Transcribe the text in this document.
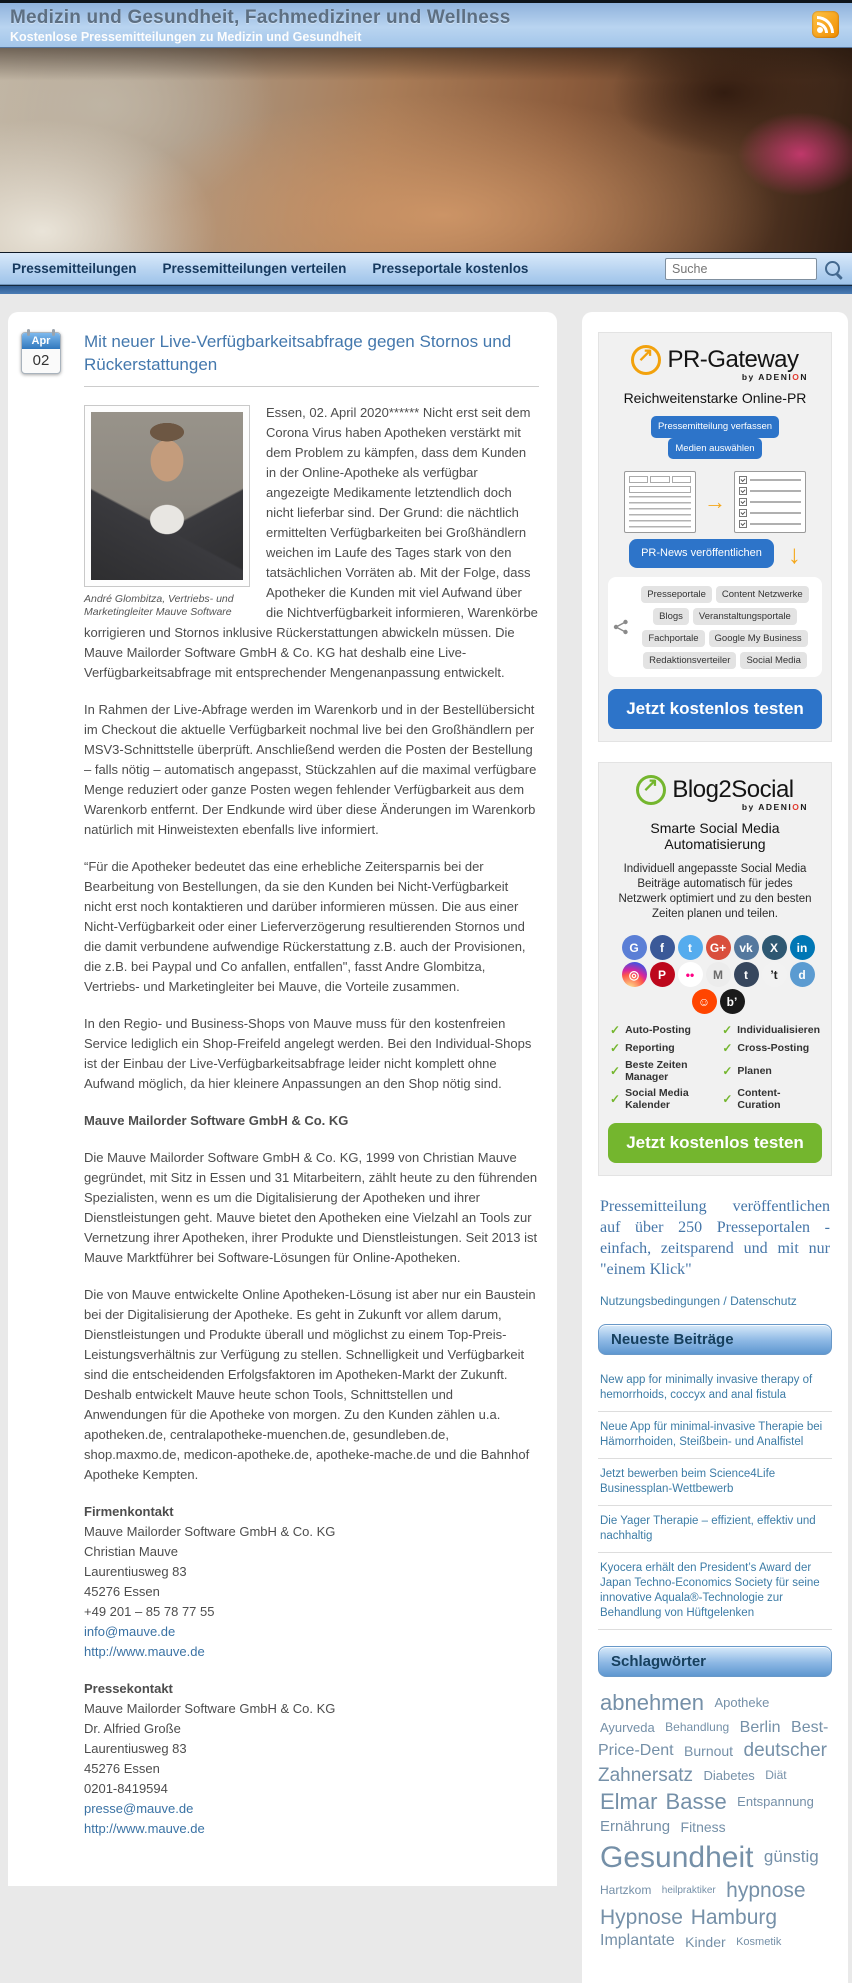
Medizin und Gesundheit, Fachmediziner und Wellness
Kostenlose Pressemitteilungen zu Medizin und Gesundheit
Pressemitteilungen Pressemitteilungen verteilen Presseportale kostenlos
Suche
Apr
02
Mit neuer Live-Verfügbarkeitsabfrage gegen Stornos und Rückerstattungen
André Glombitza, Vertriebs- und Marketingleiter Mauve Software

Essen, 02. April 2020****** Nicht erst seit dem Corona Virus haben Apotheken verstärkt mit dem Problem zu kämpfen, dass dem Kunden in der Online-Apotheke als verfügbar angezeigte Medikamente letztendlich doch nicht lieferbar sind. Der Grund: die nächtlich ermittelten Verfügbarkeiten bei Großhändlern weichen im Laufe des Tages stark von den tatsächlichen Vorräten ab. Mit der Folge, dass Apotheker die Kunden mit viel Aufwand über die Nichtverfügbarkeit informieren, Warenkörbe korrigieren und Stornos inklusive Rückerstattungen abwickeln müssen. Die Mauve Mailorder Software GmbH & Co. KG hat deshalb eine Live-Verfügbarkeitsabfrage mit entsprechender Mengenanpassung entwickelt.

In Rahmen der Live-Abfrage werden im Warenkorb und in der Bestellübersicht im Checkout die aktuelle Verfügbarkeit nochmal live bei den Großhändlern per MSV3-Schnittstelle überprüft. Anschließend werden die Posten der Bestellung – falls nötig – automatisch angepasst, Stückzahlen auf die maximal verfügbare Menge reduziert oder ganze Posten wegen fehlender Verfügbarkeit aus dem Warenkorb entfernt. Der Endkunde wird über diese Änderungen im Warenkorb natürlich mit Hinweistexten ebenfalls live informiert.

“Für die Apotheker bedeutet das eine erhebliche Zeitersparnis bei der Bearbeitung von Bestellungen, da sie den Kunden bei Nicht-Verfügbarkeit nicht erst noch kontaktieren und darüber informieren müssen. Die aus einer Nicht-Verfügbarkeit oder einer Lieferverzögerung resultierenden Stornos und die damit verbundene aufwendige Rückerstattung z.B. auch der Provisionen, die z.B. bei Paypal und Co anfallen, entfallen", fasst Andre Glombitza, Vertriebs- und Marketingleiter bei Mauve, die Vorteile zusammen.

In den Regio- und Business-Shops von Mauve muss für den kostenfreien Service lediglich ein Shop-Freifeld angelegt werden. Bei den Individual-Shops ist der Einbau der Live-Verfügbarkeitsabfrage leider nicht komplett ohne Aufwand möglich, da hier kleinere Anpassungen an den Shop nötig sind.

Mauve Mailorder Software GmbH & Co. KG

Die Mauve Mailorder Software GmbH & Co. KG, 1999 von Christian Mauve gegründet, mit Sitz in Essen und 31 Mitarbeitern, zählt heute zu den führenden Spezialisten, wenn es um die Digitalisierung der Apotheken und ihrer Dienstleistungen geht. Mauve bietet den Apotheken eine Vielzahl an Tools zur Vernetzung ihrer Apotheken, ihrer Produkte und Dienstleistungen. Seit 2013 ist Mauve Marktführer bei Software-Lösungen für Online-Apotheken.

Die von Mauve entwickelte Online Apotheken-Lösung ist aber nur ein Baustein bei der Digitalisierung der Apotheke. Es geht in Zukunft vor allem darum, Dienstleistungen und Produkte überall und möglichst zu einem Top-Preis-Leistungsverhältnis zur Verfügung zu stellen. Schnelligkeit und Verfügbarkeit sind die entscheidenden Erfolgsfaktoren im Apotheken-Markt der Zukunft. Deshalb entwickelt Mauve heute schon Tools, Schnittstellen und Anwendungen für die Apotheke von morgen. Zu den Kunden zählen u.a. apotheken.de, centralapotheke-muenchen.de, gesundleben.de, shop.maxmo.de, medicon-apotheke.de, apotheke-mache.de und die Bahnhof Apotheke Kempten.

Firmenkontakt

Mauve Mailorder Software GmbH & Co. KG

Christian Mauve

Laurentiusweg 83

45276 Essen

+49 201 – 85 78 77 55

info@mauve.de
http://www.mauve.de

Pressekontakt

Mauve Mailorder Software GmbH & Co. KG

Dr. Alfried Große

Laurentiusweg 83

45276 Essen

0201-8419594

presse@mauve.de
http://www.mauve.de
↗
PR-Gateway
by ADENION
Reichweitenstarke Online-PR
Pressemitteilung verfassen Medien auswählen
→
PR-News veröffentlichen	↓
Presseportale Content NetzwerkeBlogs VeranstaltungsportaleFachportale Google My BusinessRedaktionsverteiler Social Media
Jetzt kostenlos testen
↗
Blog2Social
by ADENION
Smarte Social Media Automatisierung
Individuell angepasste Social Media Beiträge automatisch für jedes Netzwerk optimiert und zu den besten Zeiten planen und teilen.
G f t G+ vk X in◎ P •• M t ’t d☺ b’
✓ Auto-Posting	✓ Individualisieren
✓ Reporting	✓ Cross-Posting
✓ Beste Zeiten Manager	✓ Planen
✓ Social Media Kalender	✓ Content-Curation
Jetzt kostenlos testen

Pressemitteilung veröffentlichen auf über 250 Presseportalen - einfach, zeitsparend und mit nur "einem Klick"

Nutzungsbedingungen / Datenschutz
Neueste Beiträge
New app for minimally invasive therapy of hemorrhoids, coccyx and anal fistula
Neue App für minimal-invasive Therapie bei Hämorrhoiden, Steißbein- und Analfistel
Jetzt bewerben beim Science4Life Businessplan-Wettbewerb
Die Yager Therapie – effizient, effektiv und nachhaltig
Kyocera erhält den President’s Award der Japan Techno-Economics Society für seine innovative Aquala®-Technologie zur Behandlung von Hüftgelenken
Schlagwörter
abnehmen Apotheke Ayurveda Behandlung Berlin Best-Price-Dent Burnout deutscher Zahnersatz Diabetes Diät Elmar Basse Entspannung Ernährung Fitness Gesundheit günstig Hartzkom heilpraktiker hypnose Hypnose Hamburg Implantate Kinder Kosmetik
